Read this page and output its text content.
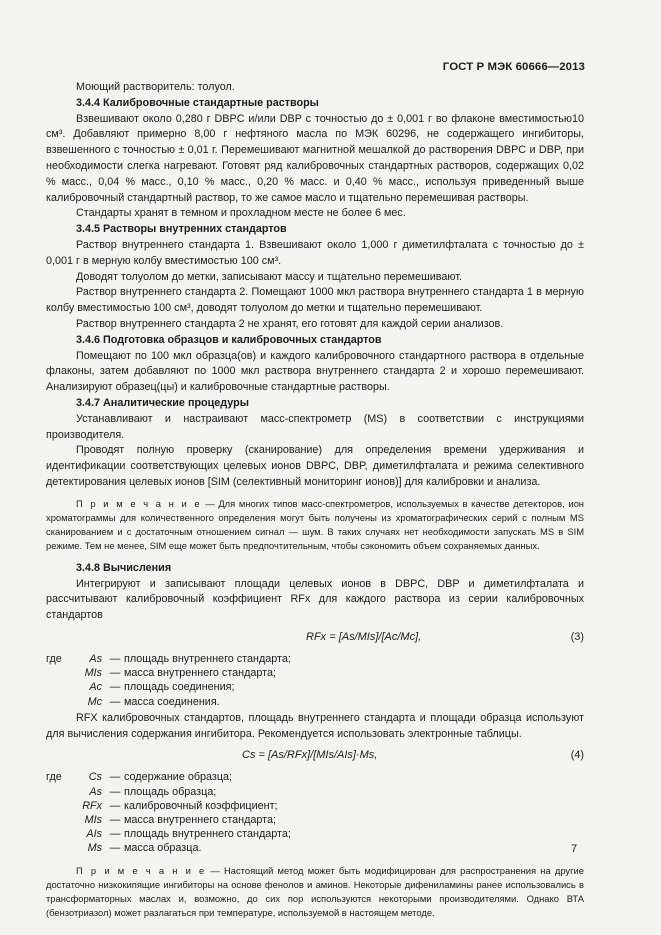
ГОСТ Р МЭК 60666—2013

Моющий растворитель: толуол.

3.4.4 Калибровочные стандартные растворы

Взвешивают около 0,280 г DBPC и/или DBP с точностью до ± 0,001 г во флаконе вместимостью10 см³. Добавляют примерно 8,00 г нефтяного масла по МЭК 60296, не содержащего ингибиторы, взвешенного с точностью ± 0,01 г. Перемешивают магнитной мешалкой до растворения DBPC и DBP, при необходимости слегка нагревают. Готовят ряд калибровочных стандартных растворов, содержащих 0,02 % масс., 0,04 % масс., 0,10 % масс., 0,20 % масс. и 0,40 % масс., используя приведенный выше калибровочный стандартный раствор, то же самое масло и тщательно перемешивая растворы.

Стандарты хранят в темном и прохладном месте не более 6 мес.

3.4.5 Растворы внутренних стандартов

Раствор внутреннего стандарта 1. Взвешивают около 1,000 г диметилфталата с точностью до ± 0,001 г в мерную колбу вместимостью 100 см³.

Доводят толуолом до метки, записывают массу и тщательно перемешивают.

Раствор внутреннего стандарта 2. Помещают 1000 мкл раствора внутреннего стандарта 1 в мерную колбу вместимостью 100 см³, доводят толуолом до метки и тщательно перемешивают.

Раствор внутреннего стандарта 2 не хранят, его готовят для каждой серии анализов.

3.4.6 Подготовка образцов и калибровочных стандартов

Помещают по 100 мкл образца(ов) и каждого калибровочного стандартного раствора в отдельные флаконы, затем добавляют по 1000 мкл раствора внутреннего стандарта 2 и хорошо перемешивают. Анализируют образец(цы) и калибровочные стандартные растворы.

3.4.7 Аналитические процедуры

Устанавливают и настраивают масс-спектрометр (MS) в соответствии с инструкциями производителя.

Проводят полную проверку (сканирование) для определения времени удерживания и идентификации соответствующих целевых ионов DBPC, DBP, диметилфталата и режима селективного детектирования целевых ионов [SIM (селективный мониторинг ионов)] для калибровки и анализа.

П р и м е ч а н и е — Для многих типов масс-спектрометров, используемых в качестве детекторов, ион хроматограммы для количественного определения могут быть получены из хроматографических серий с полным MS сканированием и с достаточным отношением сигнал — шум. В таких случаях нет необходимости запускать MS в SIM режиме. Тем не менее, SIM еще может быть предпочтительным, чтобы сэкономить объем сохраняемых данных.

3.4.8 Вычисления

Интегрируют и записывают площади целевых ионов в DBPC, DBP и диметилфталата и рассчитывают калибровочный коэффициент RFx для каждого раствора из серии калибровочных стандартов

RFx = [As/MIs]/[Ac/Mc],	(3)
где	As — площадь внутреннего стандарта;
MIs — масса внутреннего стандарта;
Ac — площадь соединения;
Mc — масса соединения.

RFX калибровочных стандартов, площадь внутреннего стандарта и площади образца используют для вычисления содержания ингибитора. Рекомендуется использовать электронные таблицы.

Cs = [As/RFx]/[MIs/AIs]·Ms,	(4)
где	Cs — содержание образца;
As — площадь образца;
RFx — калибровочный коэффициент;
MIs — масса внутреннего стандарта;
AIs — площадь внутреннего стандарта;
Ms — масса образца.

П р и м е ч а н и е — Настоящий метод может быть модифицирован для распространения на другие достаточно низкокипящие ингибиторы на основе фенолов и аминов. Некоторые дифениламины ранее использовались в трансформаторных маслах и, возможно, до сих пор используются некоторыми производителями. Однако ВТА (бензотриазол) может разлагаться при температуре, используемой в настоящем методе.

7
